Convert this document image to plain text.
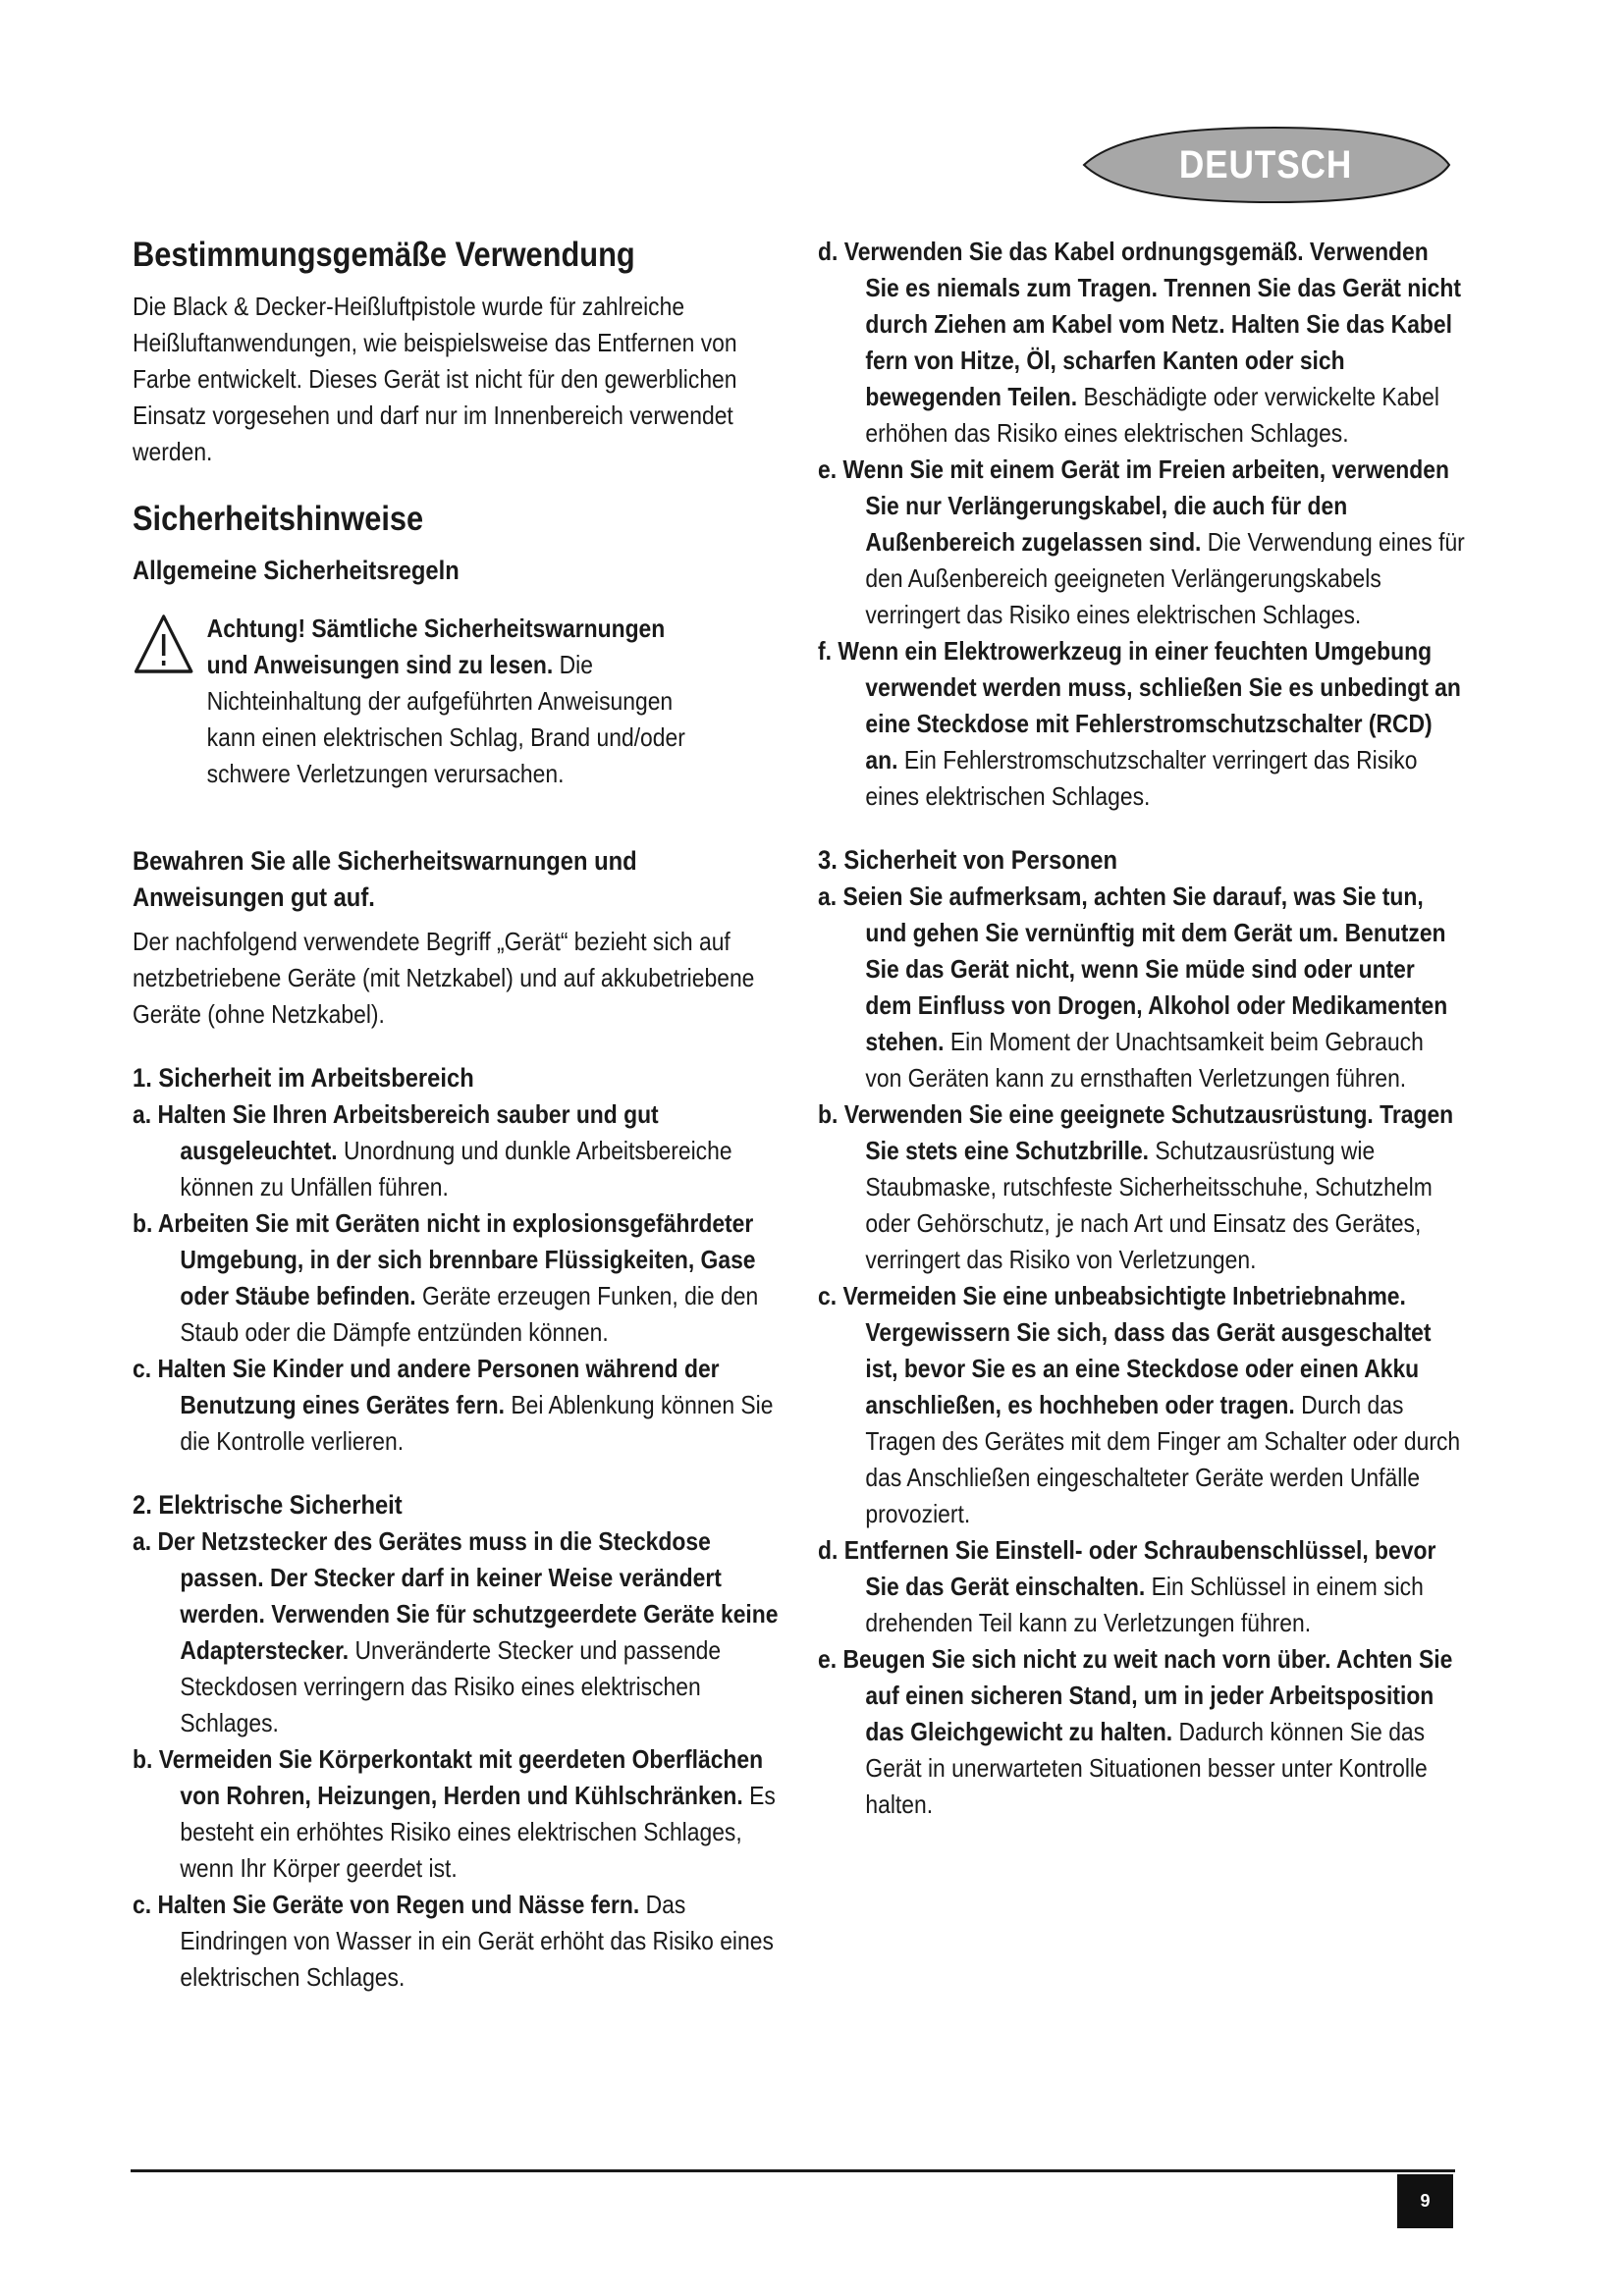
DEUTSCH
Bestimmungsgemäße Verwendung

Die Black & Decker-Heißluftpistole wurde für zahlreiche Heißluftanwendungen, wie beispielsweise das Entfernen von Farbe entwickelt. Dieses Gerät ist nicht für den gewerblichen Einsatz vorgesehen und darf nur im Innenbereich verwendet werden.

Sicherheitshinweise
Allgemeine Sicherheitsregeln
Achtung! Sämtliche Sicherheitswarnungen und Anweisungen sind zu lesen. Die Nichteinhaltung der aufgeführten Anweisungen kann einen elektrischen Schlag, Brand und/oder schwere Verletzungen verursachen.
Bewahren Sie alle Sicherheitswarnungen und Anweisungen gut auf.

Der nachfolgend verwendete Begriff „Gerät“ bezieht sich auf netzbetriebene Geräte (mit Netzkabel) und auf akkubetriebene Geräte (ohne Netzkabel).

1. Sicherheit im Arbeitsbereich

a. Halten Sie Ihren Arbeitsbereich sauber und gut ausgeleuchtet. Unordnung und dunkle Arbeitsbereiche können zu Unfällen führen.

b. Arbeiten Sie mit Geräten nicht in explosionsgefährdeter Umgebung, in der sich brennbare Flüssigkeiten, Gase oder Stäube befinden. Geräte erzeugen Funken, die den Staub oder die Dämpfe entzünden können.

c. Halten Sie Kinder und andere Personen während der Benutzung eines Gerätes fern. Bei Ablenkung können Sie die Kontrolle verlieren.

2. Elektrische Sicherheit

a. Der Netzstecker des Gerätes muss in die Steckdose passen. Der Stecker darf in keiner Weise verändert werden. Verwenden Sie für schutzgeerdete Geräte keine Adapterstecker. Unveränderte Stecker und passende Steckdosen verringern das Risiko eines elektrischen Schlages.

b. Vermeiden Sie Körperkontakt mit geerdeten Oberflächen von Rohren, Heizungen, Herden und Kühlschränken. Es besteht ein erhöhtes Risiko eines elektrischen Schlages, wenn Ihr Körper geerdet ist.

c. Halten Sie Geräte von Regen und Nässe fern. Das Eindringen von Wasser in ein Gerät erhöht das Risiko eines elektrischen Schlages.

d. Verwenden Sie das Kabel ordnungsgemäß. Verwenden Sie es niemals zum Tragen. Trennen Sie das Gerät nicht durch Ziehen am Kabel vom Netz. Halten Sie das Kabel fern von Hitze, Öl, scharfen Kanten oder sich bewegenden Teilen. Beschädigte oder verwickelte Kabel erhöhen das Risiko eines elektrischen Schlages.

e. Wenn Sie mit einem Gerät im Freien arbeiten, verwenden Sie nur Verlängerungskabel, die auch für den Außenbereich zugelassen sind. Die Verwendung eines für den Außenbereich geeigneten Verlängerungskabels verringert das Risiko eines elektrischen Schlages.

f. Wenn ein Elektrowerkzeug in einer feuchten Umgebung verwendet werden muss, schließen Sie es unbedingt an eine Steckdose mit Fehlerstromschutzschalter (RCD) an. Ein Fehlerstromschutzschalter verringert das Risiko eines elektrischen Schlages.

3. Sicherheit von Personen

a. Seien Sie aufmerksam, achten Sie darauf, was Sie tun, und gehen Sie vernünftig mit dem Gerät um. Benutzen Sie das Gerät nicht, wenn Sie müde sind oder unter dem Einfluss von Drogen, Alkohol oder Medikamenten stehen. Ein Moment der Unachtsamkeit beim Gebrauch von Geräten kann zu ernsthaften Verletzungen führen.

b. Verwenden Sie eine geeignete Schutzausrüstung. Tragen Sie stets eine Schutzbrille. Schutzausrüstung wie Staubmaske, rutschfeste Sicherheitsschuhe, Schutzhelm oder Gehörschutz, je nach Art und Einsatz des Gerätes, verringert das Risiko von Verletzungen.

c. Vermeiden Sie eine unbeabsichtigte Inbetriebnahme. Vergewissern Sie sich, dass das Gerät ausgeschaltet ist, bevor Sie es an eine Steckdose oder einen Akku anschließen, es hochheben oder tragen. Durch das Tragen des Gerätes mit dem Finger am Schalter oder durch das Anschließen eingeschalteter Geräte werden Unfälle provoziert.

d. Entfernen Sie Einstell- oder Schraubenschlüssel, bevor Sie das Gerät einschalten. Ein Schlüssel in einem sich drehenden Teil kann zu Verletzungen führen.

e. Beugen Sie sich nicht zu weit nach vorn über. Achten Sie auf einen sicheren Stand, um in jeder Arbeitsposition das Gleichgewicht zu halten. Dadurch können Sie das Gerät in unerwarteten Situationen besser unter Kontrolle halten.

9
